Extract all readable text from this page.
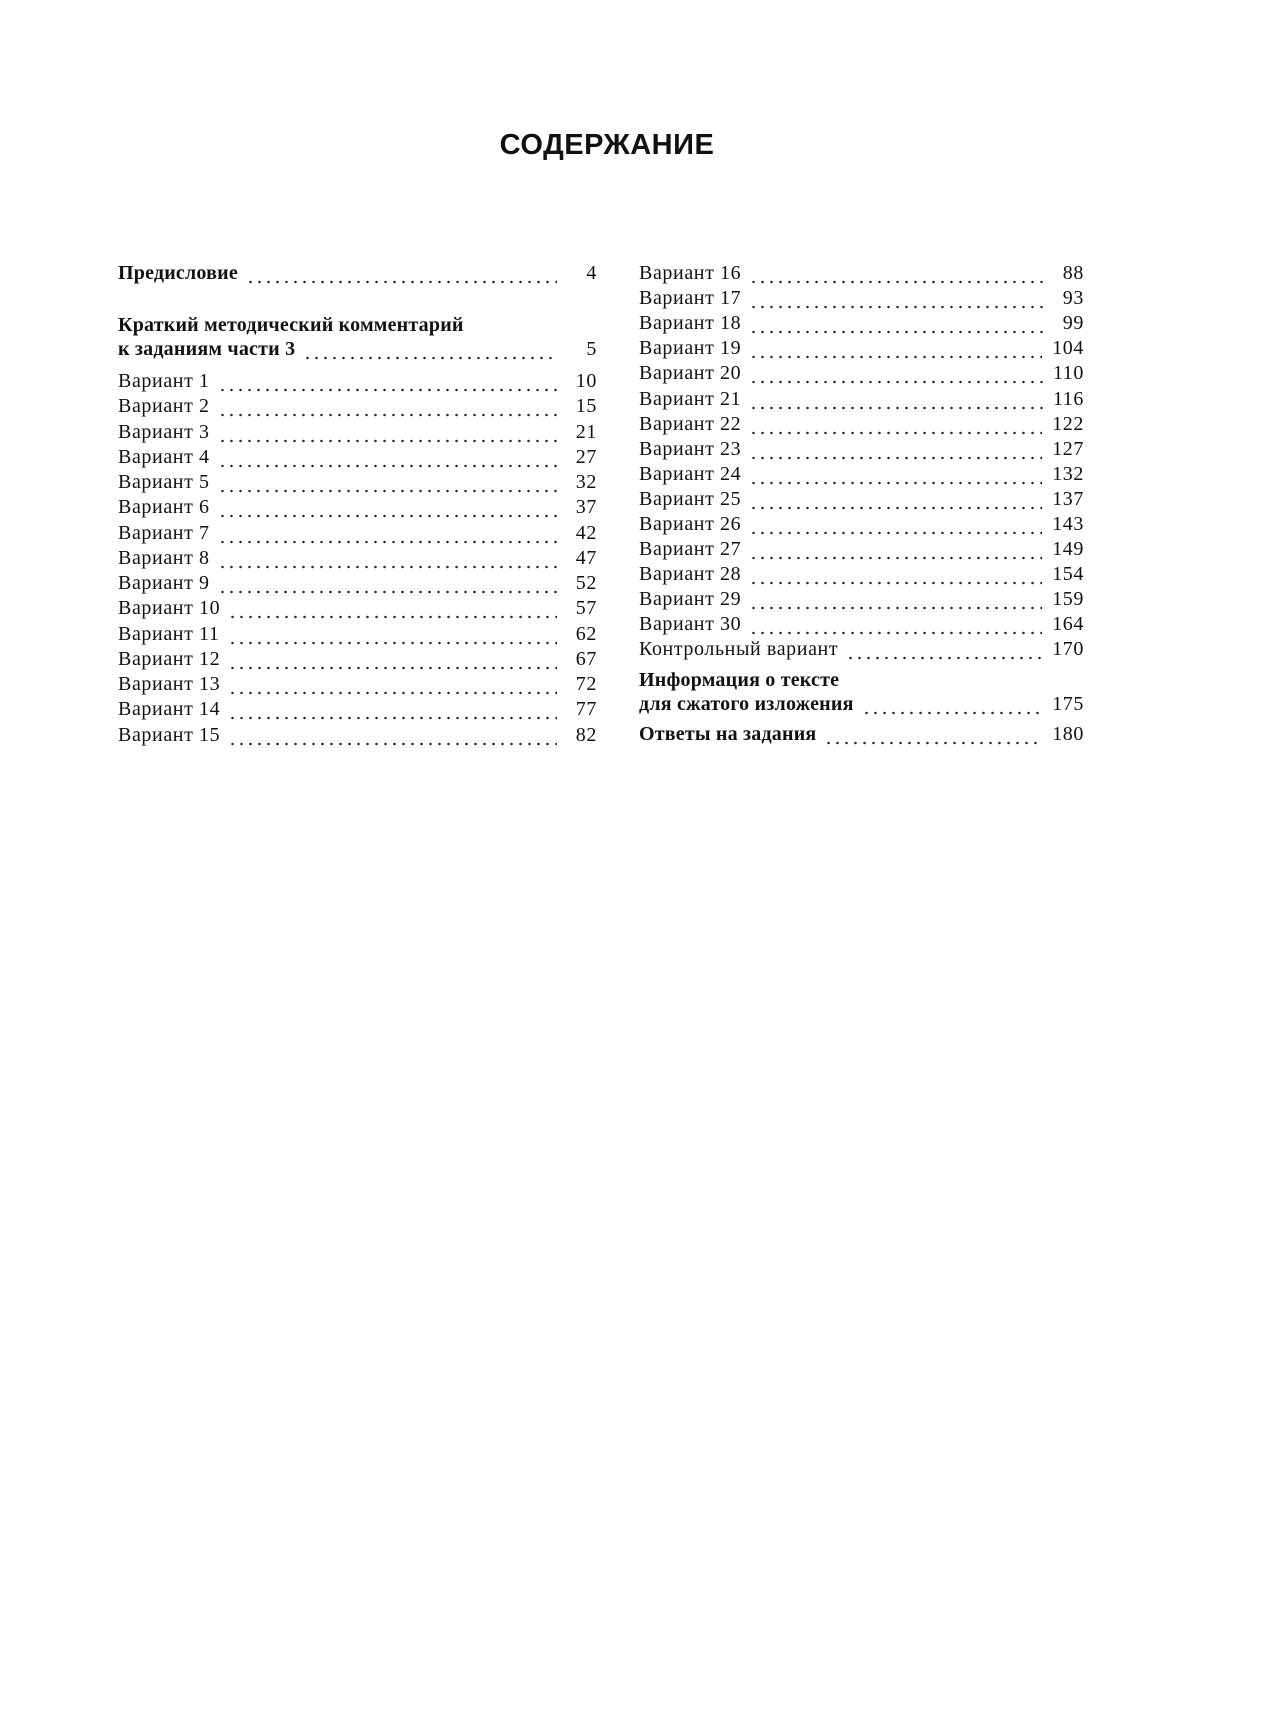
СОДЕРЖАНИЕ
Предисловие	4
Краткий методический комментарий
к заданиям части 3	5
Вариант 1	10
Вариант 2	15
Вариант 3	21
Вариант 4	27
Вариант 5	32
Вариант 6	37
Вариант 7	42
Вариант 8	47
Вариант 9	52
Вариант 10	57
Вариант 11	62
Вариант 12	67
Вариант 13	72
Вариант 14	77
Вариант 15	82
Вариант 16	88
Вариант 17	93
Вариант 18	99
Вариант 19	104
Вариант 20	110
Вариант 21	116
Вариант 22	122
Вариант 23	127
Вариант 24	132
Вариант 25	137
Вариант 26	143
Вариант 27	149
Вариант 28	154
Вариант 29	159
Вариант 30	164
Контрольный вариант	170
Информация о тексте
для сжатого изложения	175
Ответы на задания	180
